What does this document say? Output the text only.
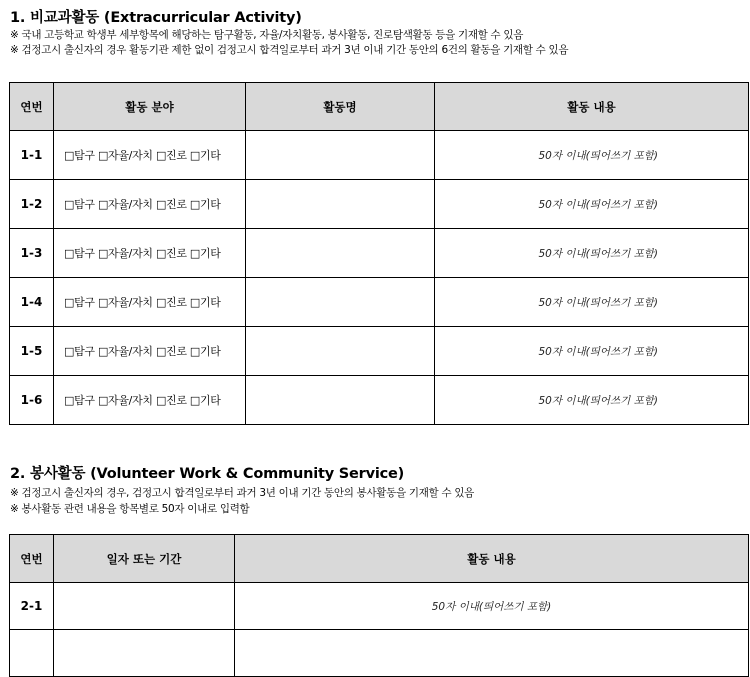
1. 비교과활동 (Extracurricular Activity)
※ 국내 고등학교 학생부 세부항목에 해당하는 탐구활동, 자율/자치활동, 봉사활동, 진로탐색활동 등을 기재할 수 있음
※ 검정고시 출신자의 경우 활동기관 제한 없이 검정고시 합격일로부터 과거 3년 이내 기간 동안의 6건의 활동을 기재할 수 있음
연번	활동 분야	활동명	활동 내용
1-1	□탐구 □자율/자치 □진로 □기타		50자 이내(띄어쓰기 포함)
1-2	□탐구 □자율/자치 □진로 □기타		50자 이내(띄어쓰기 포함)
1-3	□탐구 □자율/자치 □진로 □기타		50자 이내(띄어쓰기 포함)
1-4	□탐구 □자율/자치 □진로 □기타		50자 이내(띄어쓰기 포함)
1-5	□탐구 □자율/자치 □진로 □기타		50자 이내(띄어쓰기 포함)
1-6	□탐구 □자율/자치 □진로 □기타		50자 이내(띄어쓰기 포함)
2. 봉사활동 (Volunteer Work & Community Service)
※ 검정고시 출신자의 경우, 검정고시 합격일로부터 과거 3년 이내 기간 동안의 봉사활동을 기재할 수 있음
※ 봉사활동 관련 내용을 항목별로 50자 이내로 입력함
연번	일자 또는 기간	활동 내용
2-1		50자 이내(띄어쓰기 포함)
